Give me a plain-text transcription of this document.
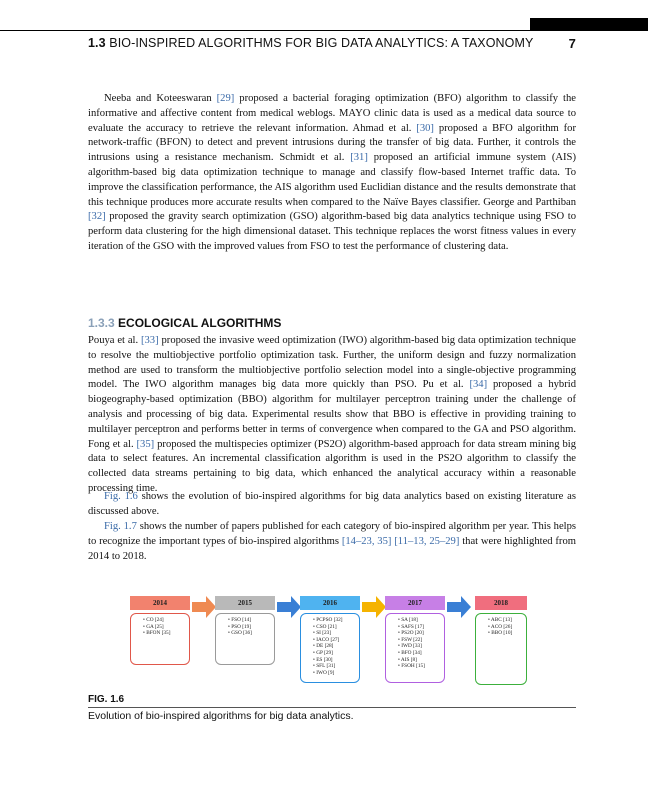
1.3 BIO-INSPIRED ALGORITHMS FOR BIG DATA ANALYTICS: A TAXONOMY	7

Neeba and Koteeswaran [29] proposed a bacterial foraging optimization (BFO) algorithm to classify the informative and affective content from medical weblogs. MAYO clinic data is used as a medical data source to evaluate the accuracy to retrieve the relevant information. Ahmad et al. [30] proposed a BFO algorithm for network-traffic (BFON) to detect and prevent intrusions during the transfer of big data. Further, it controls the intrusions using a resistance mechanism. Schmidt et al. [31] proposed an artificial immune system (AIS) algorithm-based big data optimization technique to manage and classify flow-based Internet traffic data. To improve the classification performance, the AIS algorithm used Euclidian distance and the results demonstrate that this technique produces more accurate results when compared to the Naïve Bayes classifier. George and Parthiban [32] proposed the gravity search optimization (GSO) algorithm-based big data analytics technique using FSO to perform data clustering for the high dimensional dataset. This technique replaces the worst fitness values in every iteration of the GSO with the improved values from FSO to test the performance of clustering data.

1.3.3 ECOLOGICAL ALGORITHMS

Pouya et al. [33] proposed the invasive weed optimization (IWO) algorithm-based big data optimization technique to resolve the multiobjective portfolio optimization task. Further, the uniform design and fuzzy normalization method are used to transform the multiobjective portfolio selection model into a single-objective programming model. The IWO algorithm manages big data more quickly than PSO. Pu et al. [34] proposed a hybrid biogeography-based optimization (BBO) algorithm for multilayer perceptron training under the challenge of analysis and processing of big data. Experimental results show that BBO is effective in providing training to multilayer perceptron and performs better in terms of convergence when compared to the GA and PSO algorithm. Fong et al. [35] proposed the multispecies optimizer (PS2O) algorithm-based approach for data stream mining big data to select features. An incremental classification algorithm is used in the PS2O algorithm to classify the collected data streams pertaining to big data, which enhanced the analytical accuracy within a reasonable processing time.

Fig. 1.6 shows the evolution of bio-inspired algorithms for big data analytics based on existing literature as discussed above.

Fig. 1.7 shows the number of papers published for each category of bio-inspired algorithm per year. This helps to recognize the important types of bio-inspired algorithms [14–23, 35] [11–13, 25–29] that were highlighted from 2014 to 2018.

2014
• CO [24]
• GA [25]
• BFON [35]
2015
• FSO [14]
• PSO [19]
• GSO [36]
2016
• PCPSO [32]
• CSO [21]
• SI [23]
• IACO [27]
• DE [28]
• GP [29]
• ES [30]
• SFL [31]
• IWO [9]
2017
• SA [18]
• SAFS [17]
• PS2O [20]
• FSW [22]
• IWD [33]
• BFO [34]
• AIS [8]
• FSOH [15]
2018
• ABC [13]
• ACO [26]
• BBO [10]
FIG. 1.6
Evolution of bio-inspired algorithms for big data analytics.
